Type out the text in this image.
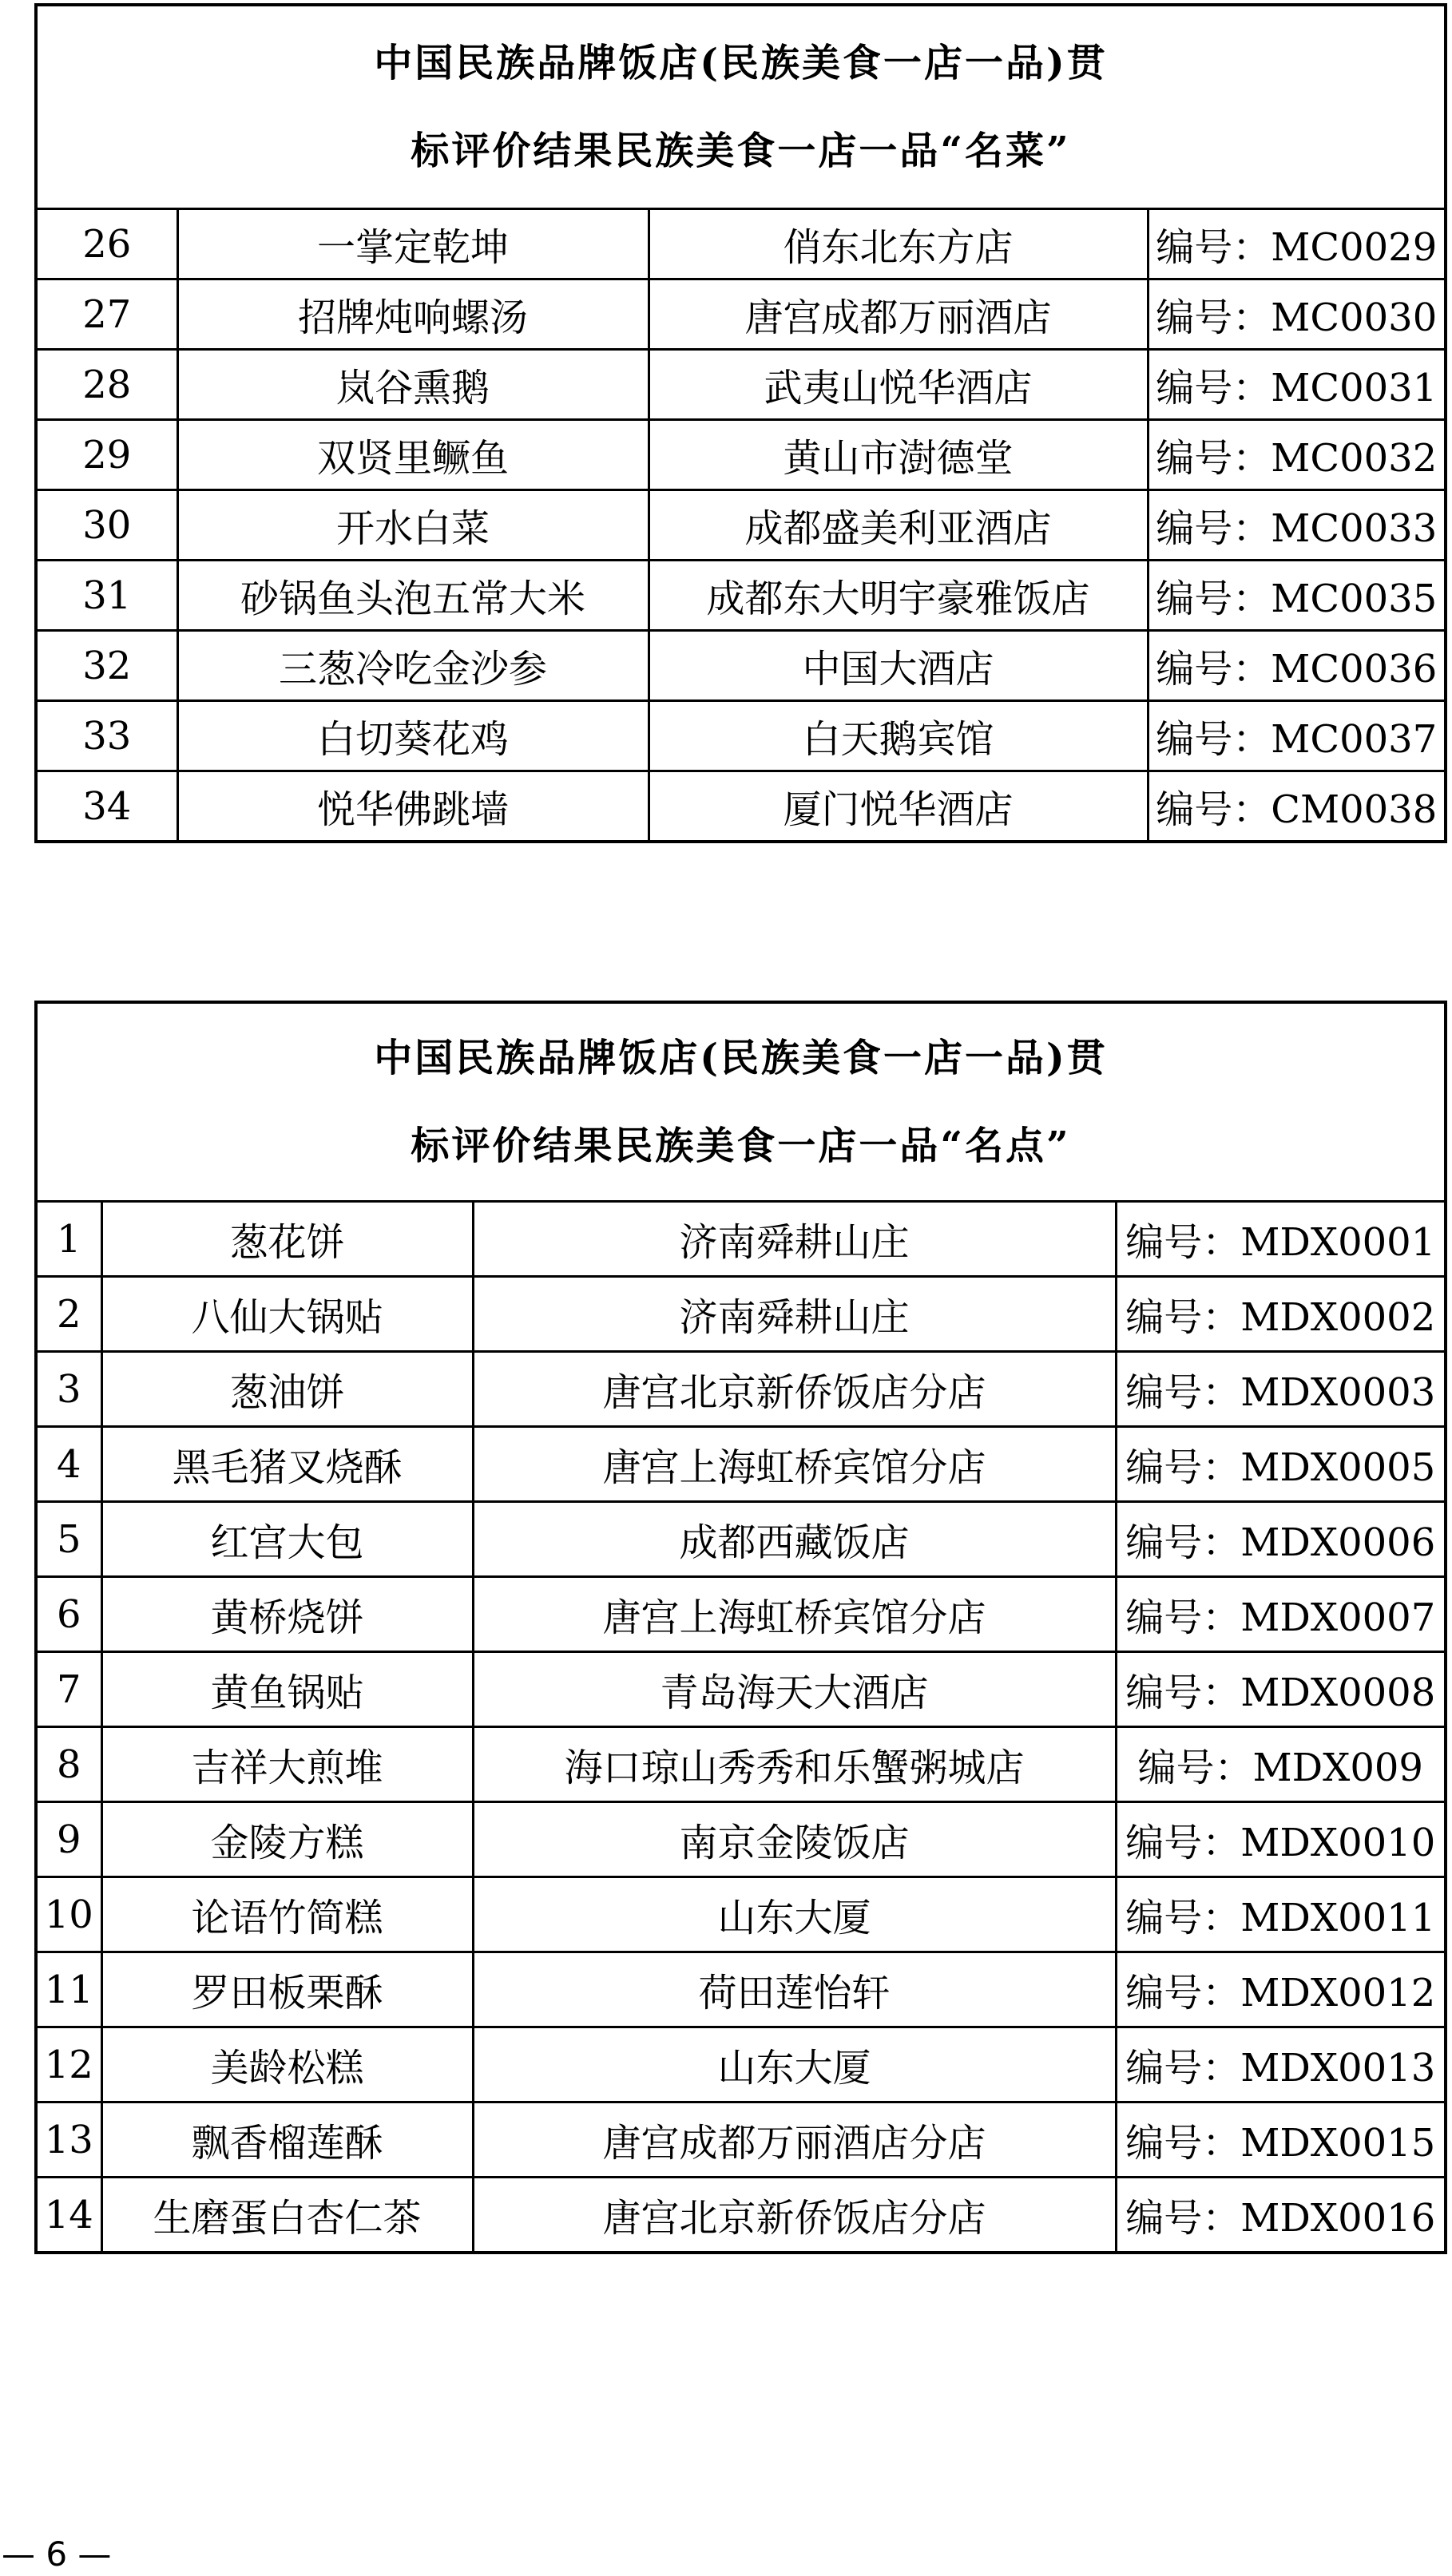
中国民族品牌饭店(民族美食一店一品)贯
标评价结果民族美食一店一品“名菜”			

26	一掌定乾坤	俏东北东方店	编号：MC0029
27	招牌炖响螺汤	唐宫成都万丽酒店	编号：MC0030
28	岚谷熏鹅	武夷山悦华酒店	编号：MC0031
29	双贤里鳜鱼	黄山市澍德堂	编号：MC0032
30	开水白菜	成都盛美利亚酒店	编号：MC0033
31	砂锅鱼头泡五常大米	成都东大明宇豪雅饭店	编号：MC0035
32	三葱冷吃金沙参	中国大酒店	编号：MC0036
33	白切葵花鸡	白天鹅宾馆	编号：MC0037
34	悦华佛跳墙	厦门悦华酒店	编号：CM0038
中国民族品牌饭店(民族美食一店一品)贯
标评价结果民族美食一店一品“名点”			

1	葱花饼	济南舜耕山庄	编号：MDX0001
2	八仙大锅贴	济南舜耕山庄	编号：MDX0002
3	葱油饼	唐宫北京新侨饭店分店	编号：MDX0003
4	黑毛猪叉烧酥	唐宫上海虹桥宾馆分店	编号：MDX0005
5	红宫大包	成都西藏饭店	编号：MDX0006
6	黄桥烧饼	唐宫上海虹桥宾馆分店	编号：MDX0007
7	黄鱼锅贴	青岛海天大酒店	编号：MDX0008
8	吉祥大煎堆	海口琼山秀秀和乐蟹粥城店	编号：MDX009
9	金陵方糕	南京金陵饭店	编号：MDX0010
10	论语竹简糕	山东大厦	编号：MDX0011
11	罗田板栗酥	荷田莲怡轩	编号：MDX0012
12	美龄松糕	山东大厦	编号：MDX0013
13	飘香榴莲酥	唐宫成都万丽酒店分店	编号：MDX0015
14	生磨蛋白杏仁茶	唐宫北京新侨饭店分店	编号：MDX0016
— 6 —
